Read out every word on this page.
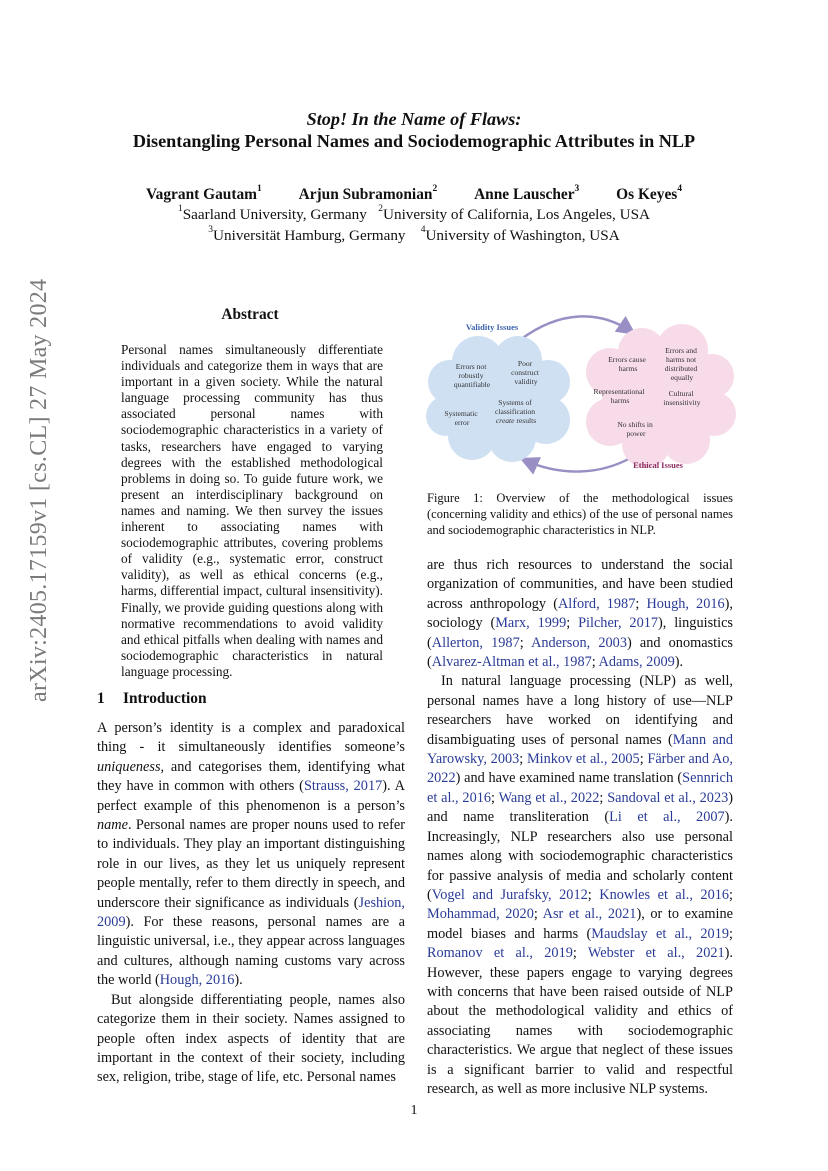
arXiv:2405.17159v1 [cs.CL] 27 May 2024
Stop! In the Name of Flaws:
Disentangling Personal Names and Sociodemographic Attributes in NLP
Vagrant Gautam$^1$ Arjun Subramonian$^2$ Anne Lauscher$^3$ Os Keyes$^4$
$^1$Saarland University, Germany $^2$University of California, Los Angeles, USA
$^3$Universität Hamburg, Germany $^4$University of Washington, USA
Abstract

Personal names simultaneously differentiate individuals and categorize them in ways that are important in a given society. While the natural language processing community has thus associated personal names with sociodemographic characteristics in a variety of tasks, researchers have engaged to varying degrees with the established methodological problems in doing so. To guide future work, we present an interdisciplinary background on names and naming. We then survey the issues inherent to associating names with sociodemographic attributes, covering problems of validity (e.g., systematic error, construct validity), as well as ethical concerns (e.g., harms, differential impact, cultural insensitivity). Finally, we provide guiding questions along with normative recommendations to avoid validity and ethical pitfalls when dealing with names and sociodemographic characteristics in natural language processing.

1 Introduction

A person’s identity is a complex and paradoxical thing - it simultaneously identifies someone’s uniqueness, and categorises them, identifying what they have in common with others (Strauss, 2017). A perfect example of this phenomenon is a person’s name. Personal names are proper nouns used to refer to individuals. They play an important distinguishing role in our lives, as they let us uniquely represent people mentally, refer to them directly in speech, and underscore their significance as individuals (Jeshion, 2009). For these reasons, personal names are a linguistic universal, i.e., they appear across languages and cultures, although naming customs vary across the world (Hough, 2016).

But alongside differentiating people, names also categorize them in their society. Names assigned to people often index aspects of identity that are important in the context of their society, including sex, religion, tribe, stage of life, etc. Personal names

Validity Issues
Ethical Issues
Errors not robustly quantifiable
Poor construct validity
Systems of classification create results
Systematic error
Errors cause harms
Errors and harms not distributed equally
Representational harms
Cultural insensitivity
No shifts in power
Figure 1: Overview of the methodological issues (concerning validity and ethics) of the use of personal names and sociodemographic characteristics in NLP.

are thus rich resources to understand the social organization of communities, and have been studied across anthropology (Alford, 1987; Hough, 2016), sociology (Marx, 1999; Pilcher, 2017), linguistics (Allerton, 1987; Anderson, 2003) and onomastics (Alvarez-Altman et al., 1987; Adams, 2009).

In natural language processing (NLP) as well, personal names have a long history of use—NLP researchers have worked on identifying and disambiguating uses of personal names (Mann and Yarowsky, 2003; Minkov et al., 2005; Färber and Ao, 2022) and have examined name translation (Sennrich et al., 2016; Wang et al., 2022; Sandoval et al., 2023) and name transliteration (Li et al., 2007). Increasingly, NLP researchers also use personal names along with sociodemographic characteristics for passive analysis of media and scholarly content (Vogel and Jurafsky, 2012; Knowles et al., 2016; Mohammad, 2020; Asr et al., 2021), or to examine model biases and harms (Maudslay et al., 2019; Romanov et al., 2019; Webster et al., 2021). However, these papers engage to varying degrees with concerns that have been raised outside of NLP about the methodological validity and ethics of associating names with sociodemographic characteristics. We argue that neglect of these issues is a significant barrier to valid and respectful research, as well as more inclusive NLP systems.

1
